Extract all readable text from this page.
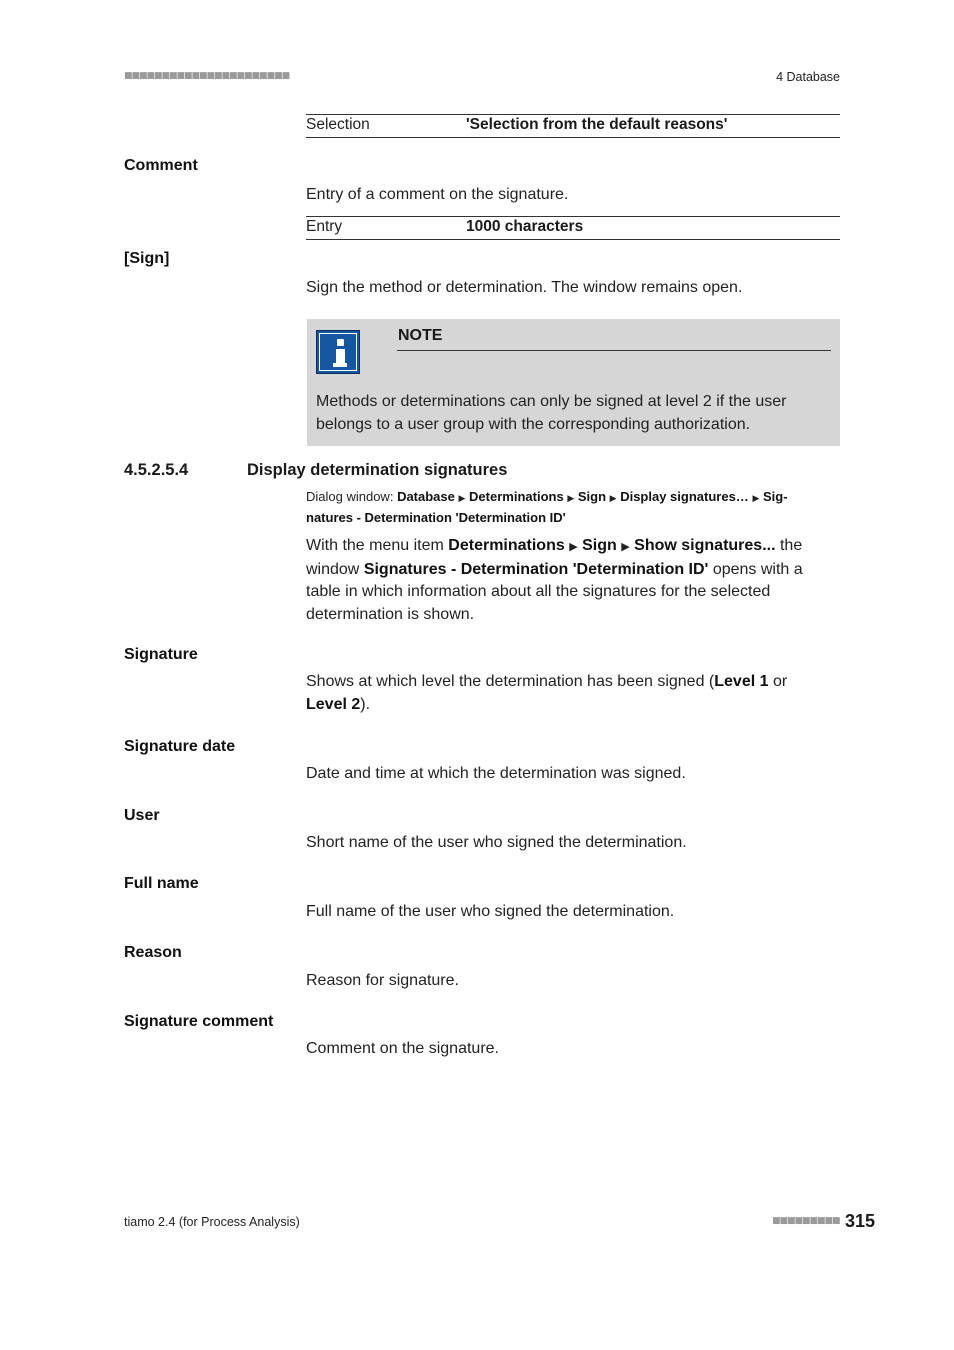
■■■■■■■■■■■■■■■■■■■■■■	4 Database
Selection	'Selection from the default reasons'
Comment
Entry of a comment on the signature.
Entry	1000 characters
[Sign]
Sign the method or determination. The window remains open.
NOTE
Methods or determinations can only be signed at level 2 if the user belongs to a user group with the corresponding authorization.
4.5.2.5.4	Display determination signatures
Dialog window: Database ▶ Determinations ▶ Sign ▶ Display signatures… ▶ Sig-
natures - Determination 'Determination ID'
With the menu item Determinations ▶ Sign ▶ Show signatures... the window Signatures - Determination 'Determination ID' opens with a table in which information about all the signatures for the selected determination is shown.
Signature
Shows at which level the determination has been signed (Level 1 or
Level 2).
Signature date
Date and time at which the determination was signed.
User
Short name of the user who signed the determination.
Full name
Full name of the user who signed the determination.
Reason
Reason for signature.
Signature comment
Comment on the signature.
tiamo 2.4 (for Process Analysis)	■■■■■■■■■ 315
